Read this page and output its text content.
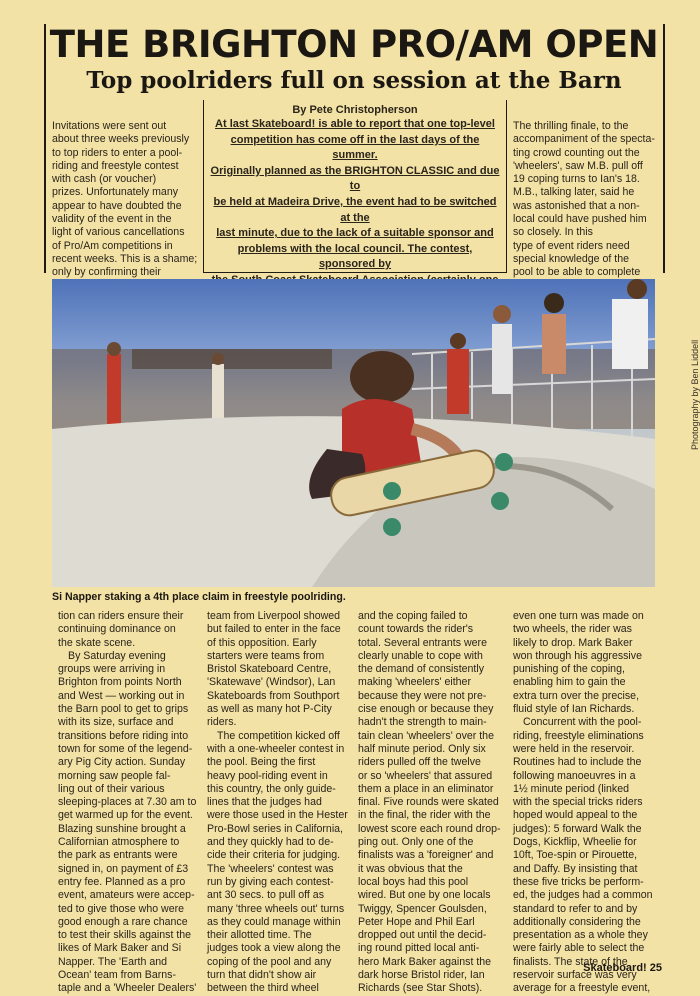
THE BRIGHTON PRO/AM OPEN
Top poolriders full on session at the Barn

Invitations were sent out

about three weeks previously

to top riders to enter a pool-

riding and freestyle contest

with cash (or voucher)

prizes. Unfortunately many

appear to have doubted the

validity of the event in the

light of various cancellations

of Pro/Am competitions in

recent weeks. This is a shame;

only by confirming their

By Pete Christopherson
At last Skateboard! is able to report that one top-level
competition has come off in the last days of the summer.
Originally planned as the BRIGHTON CLASSIC and due to
be held at Madeira Drive, the event had to be switched at the
last minute, due to the lack of a suitable sponsor and
problems with the local council. The contest, sponsored by

The thrilling finale, to the

accompaniment of the specta-

ting crowd counting out the

'wheelers', saw M.B. pull off

19 coping turns to Ian's 18.

M.B., talking later, said he

was astonished that a non-

local could have pushed him

so closely. In this

type of event riders need

special knowledge of the

pool to be able to complete

Si Napper staking a 4th place claim in freestyle poolriding.
Photography by Ben Liddell

tion can riders ensure their

continuing dominance on

the skate scene.

By Saturday evening

groups were arriving in

Brighton from points North

and West — working out in

the Barn pool to get to grips

with its size, surface and

transitions before riding into

town for some of the legend-

ary Pig City action. Sunday

morning saw people fal-

ling out of their various

sleeping-places at 7.30 am to

get warmed up for the event.

Blazing sunshine brought a

Californian atmosphere to

the park as entrants were

signed in, on payment of £3

entry fee. Planned as a pro

event, amateurs were accep-

ted to give those who were

good enough a rare chance

to test their skills against the

likes of Mark Baker and Si

Napper. The 'Earth and

Ocean' team from Barns-

taple and a 'Wheeler Dealers'

team from Liverpool showed

but failed to enter in the face

of this opposition. Early

starters were teams from

Bristol Skateboard Centre,

'Skatewave' (Windsor), Lan

Skateboards from Southport

as well as many hot P-City

riders.

The competition kicked off

with a one-wheeler contest in

the pool. Being the first

heavy pool-riding event in

this country, the only guide-

lines that the judges had

were those used in the Hester

Pro-Bowl series in California,

and they quickly had to de-

cide their criteria for judging.

The 'wheelers' contest was

run by giving each contest-

ant 30 secs. to pull off as

many 'three wheels out' turns

as they could manage within

their allotted time. The

judges took a view along the

coping of the pool and any

turn that didn't show air

between the third wheel

and the coping failed to

count towards the rider's

total. Several entrants were

clearly unable to cope with

the demand of consistently

making 'wheelers' either

because they were not pre-

cise enough or because they

hadn't the strength to main-

tain clean 'wheelers' over the

half minute period. Only six

riders pulled off the twelve

or so 'wheelers' that assured

them a place in an eliminator

final. Five rounds were skated

in the final, the rider with the

lowest score each round drop-

ping out. Only one of the

finalists was a 'foreigner' and

it was obvious that the

local boys had this pool

wired. But one by one locals

Twiggy, Spencer Goulsden,

Peter Hope and Phil Earl

dropped out until the decid-

ing round pitted local anti-

hero Mark Baker against the

dark horse Bristol rider, Ian

Richards (see Star Shots).

even one turn was made on

two wheels, the rider was

likely to drop. Mark Baker

won through his aggressive

punishing of the coping,

enabling him to gain the

extra turn over the precise,

fluid style of Ian Richards.

Concurrent with the pool-

riding, freestyle eliminations

were held in the reservoir.

Routines had to include the

following manoeuvres in a

1½ minute period (linked

with the special tricks riders

hoped would appeal to the

judges): 5 forward Walk the

Dogs, Kickflip, Wheelie for

10ft, Toe-spin or Pirouette,

and Daffy. By insisting that

these five tricks be perform-

ed, the judges had a common

standard to refer to and by

additionally considering the

presentation as a whole they

were fairly able to select the

finalists. The state of the

reservoir surface was very

average for a freestyle event,

Skateboard! 25
